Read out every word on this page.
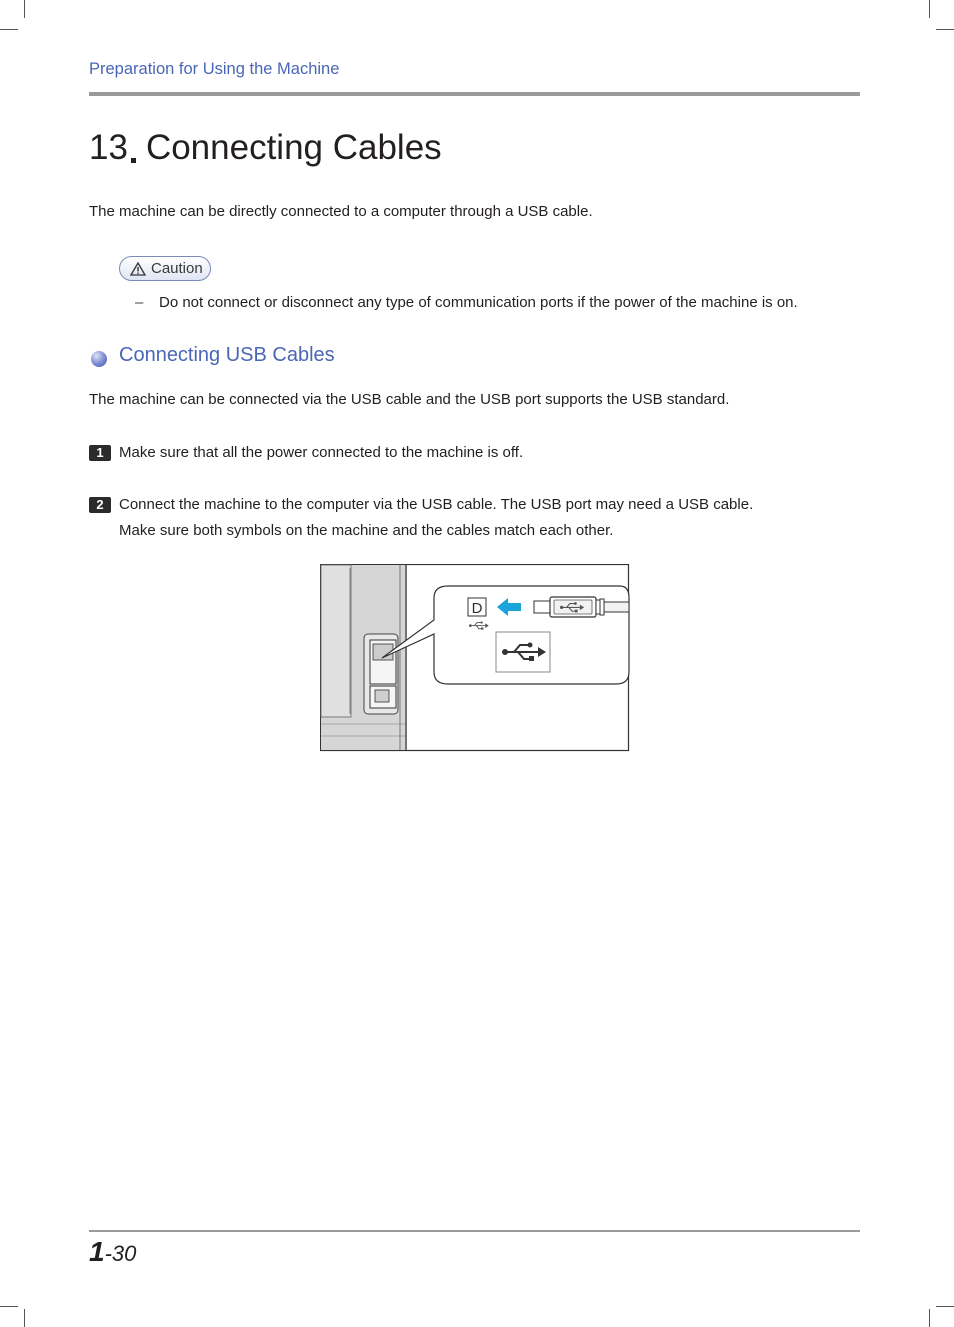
Preparation for Using the Machine
13 Connecting Cables
The machine can be directly connected to a computer through a USB cable.
Caution
– Do not connect or disconnect any type of communication ports if the power of the machine is on.
Connecting USB Cables
The machine can be connected via the USB cable and the USB port supports the USB standard.
1	Make sure that all the power connected to the machine is off.
2	Connect the machine to the computer via the USB cable. The USB port may need a USB cable.
Make sure both symbols on the machine and the cables match each other.
D
1-30
